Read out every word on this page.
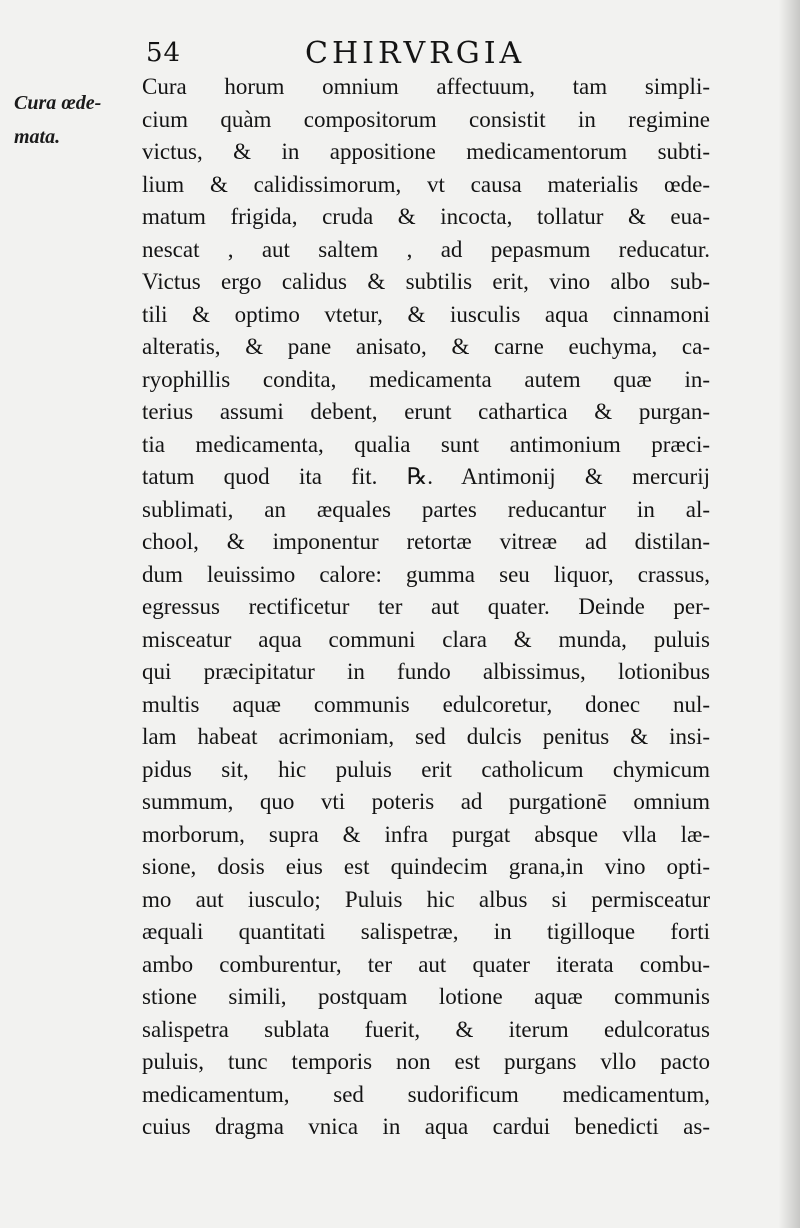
54	CHIRVRGIA
Cura œde-
mata.
Cura horum omnium affectuum, tam simpli-
cium quàm compositorum consistit in regimine
victus, & in appositione medicamentorum subti-
lium & calidissimorum, vt causa materialis œde-
matum frigida, cruda & incocta, tollatur & eua-
nescat , aut saltem , ad pepasmum reducatur.
Victus ergo calidus & subtilis erit, vino albo sub-
tili & optimo vtetur, & iusculis aqua cinnamoni
alteratis, & pane anisato, & carne euchyma, ca-
ryophillis condita, medicamenta autem quæ in-
terius assumi debent, erunt cathartica & purgan-
tia medicamenta, qualia sunt antimonium præci-
tatum quod ita fit. ℞. Antimonij & mercurij
sublimati, an æquales partes reducantur in al-
chool, & imponentur retortæ vitreæ ad distilan-
dum leuissimo calore: gumma seu liquor, crassus,
egressus rectificetur ter aut quater. Deinde per-
misceatur aqua communi clara & munda, puluis
qui præcipitatur in fundo albissimus, lotionibus
multis aquæ communis edulcoretur, donec nul-
lam habeat acrimoniam, sed dulcis penitus & insi-
pidus sit, hic puluis erit catholicum chymicum
summum, quo vti poteris ad purgationē omnium
morborum, supra & infra purgat absque vlla læ-
sione, dosis eius est quindecim grana,in vino opti-
mo aut iusculo; Puluis hic albus si permisceatur
æquali quantitati salispetræ, in tigilloque forti
ambo comburentur, ter aut quater iterata combu-
stione simili, postquam lotione aquæ communis
salispetra sublata fuerit, & iterum edulcoratus
puluis, tunc temporis non est purgans vllo pacto
medicamentum, sed sudorificum medicamentum,
cuius dragma vnica in aqua cardui benedicti as-
